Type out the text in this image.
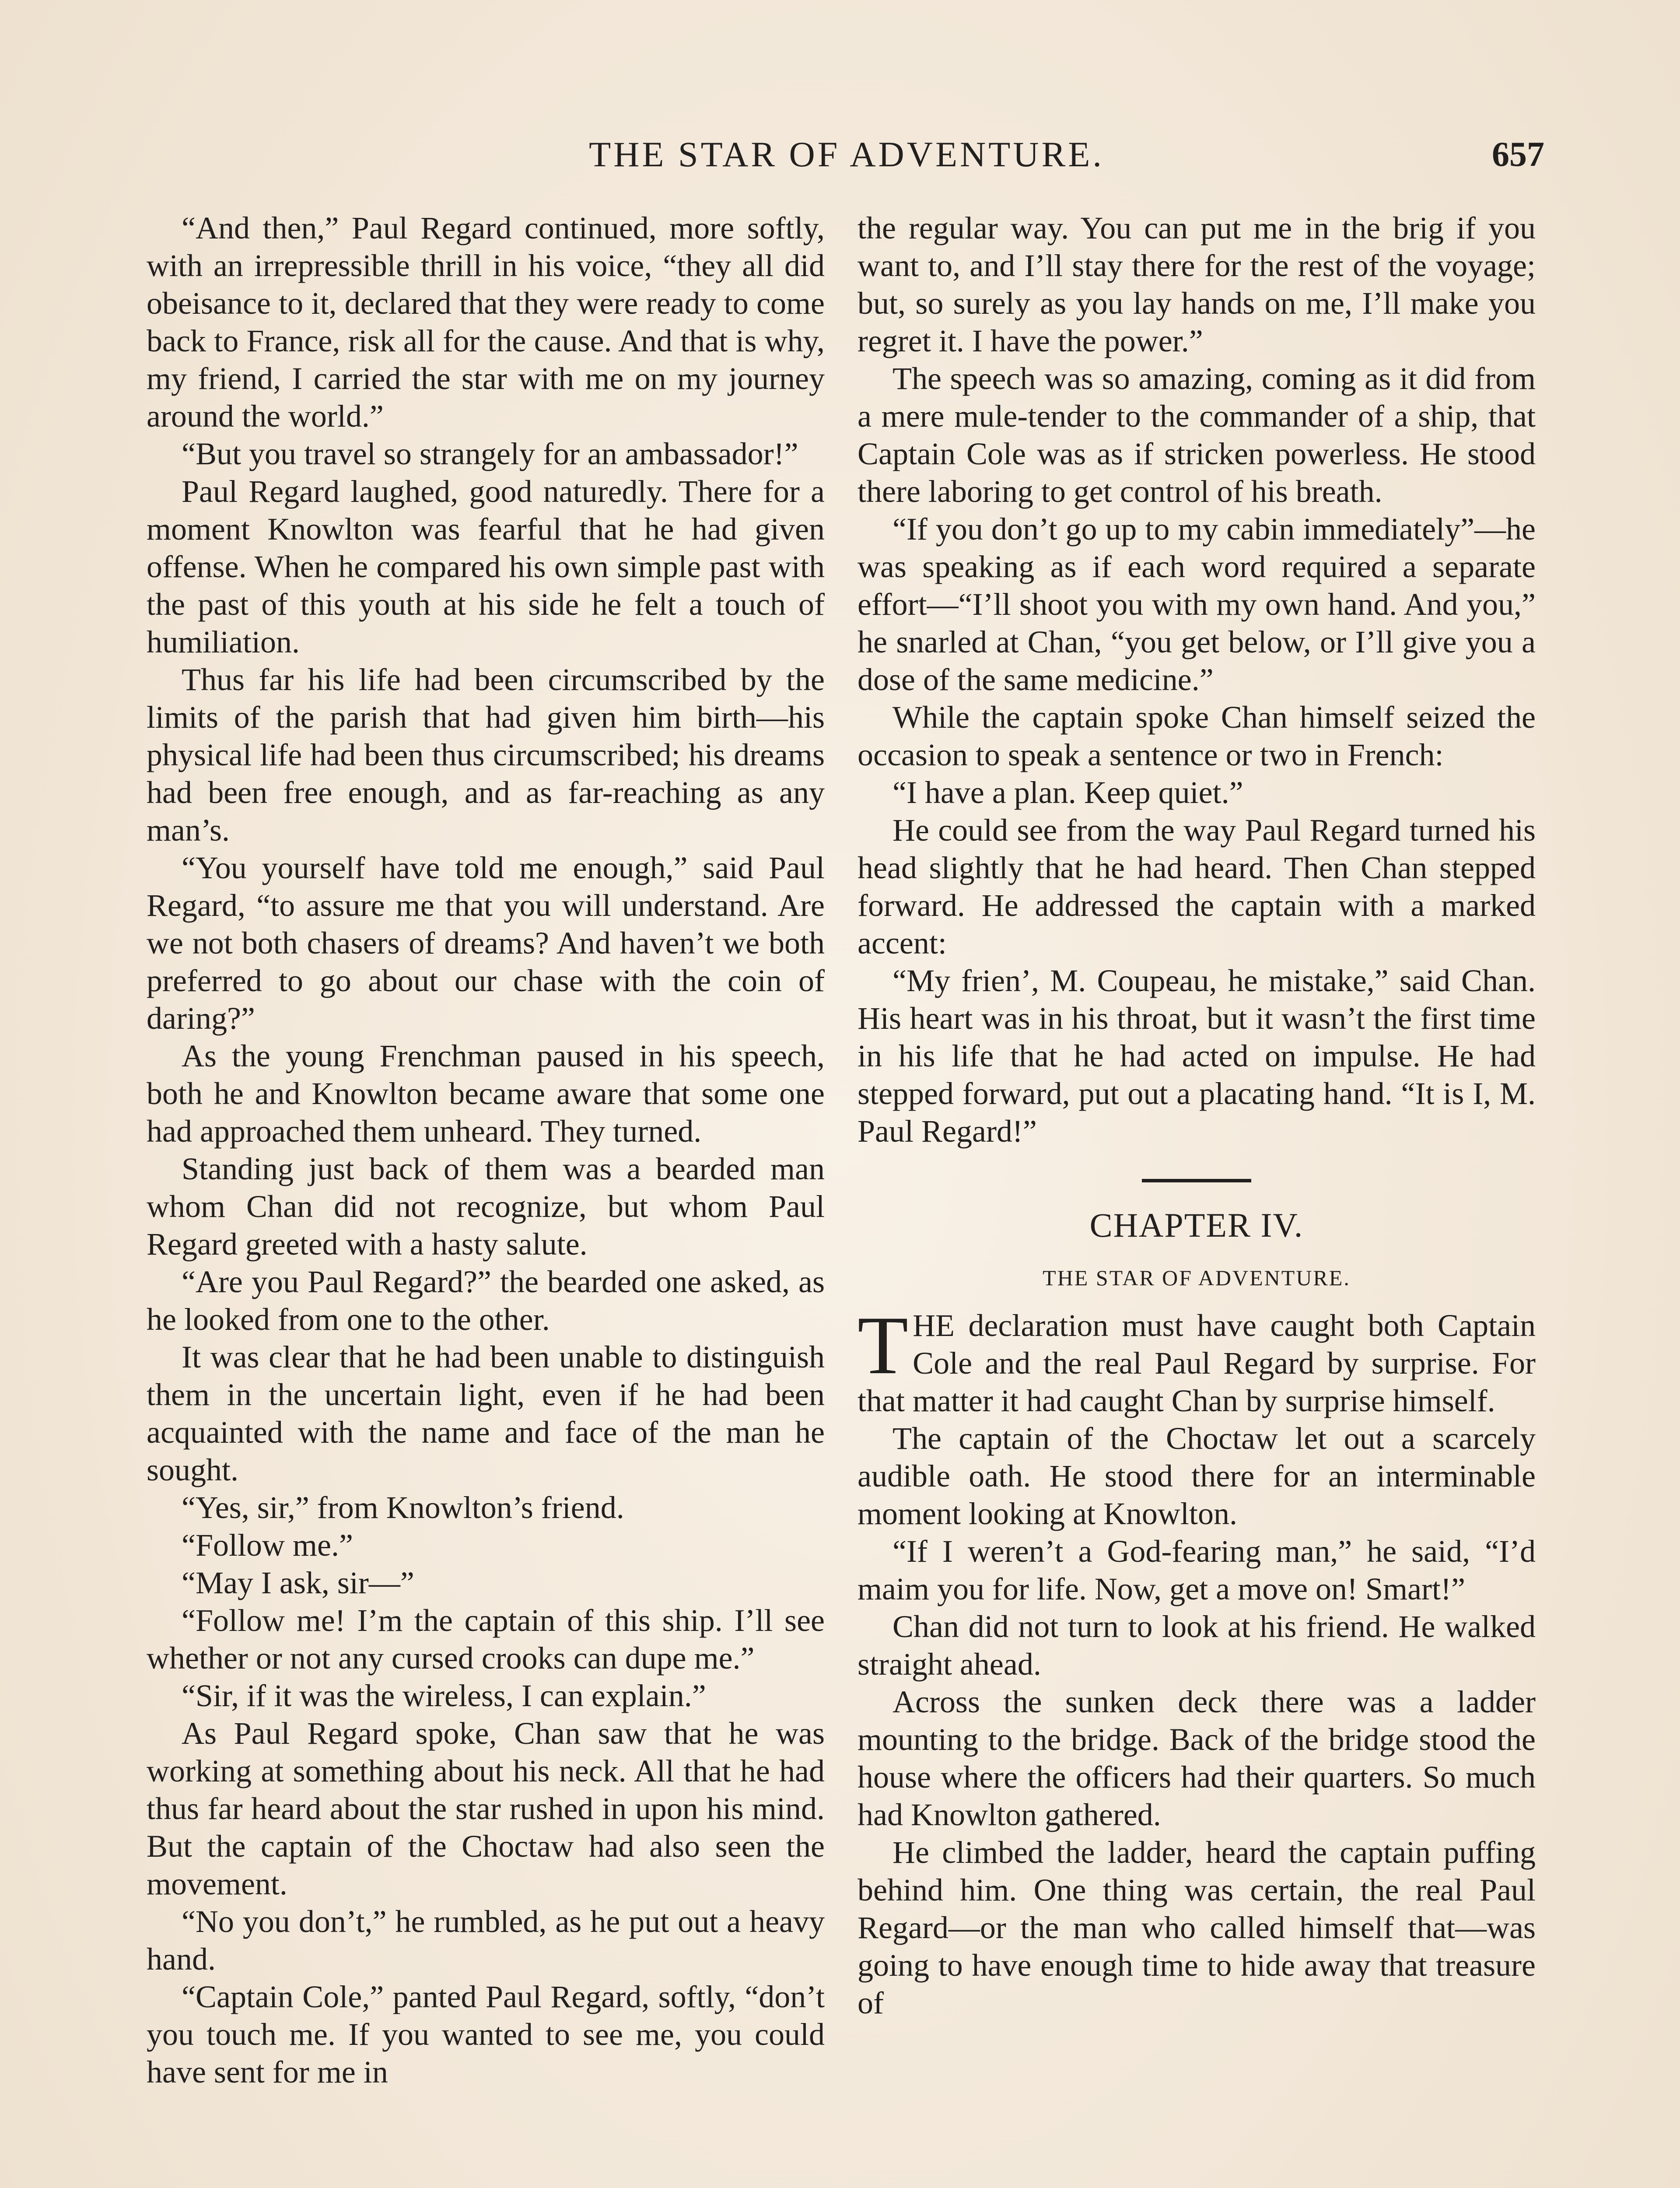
THE STAR OF ADVENTURE.	657

“And then,” Paul Regard continued, more softly, with an irrepressible thrill in his voice, “they all did obeisance to it, declared that they were ready to come back to France, risk all for the cause. And that is why, my friend, I carried the star with me on my journey around the world.”

“But you travel so strangely for an ambassador!”

Paul Regard laughed, good naturedly. There for a moment Knowlton was fearful that he had given offense. When he compared his own simple past with the past of this youth at his side he felt a touch of humiliation.

Thus far his life had been circumscribed by the limits of the parish that had given him birth—his physical life had been thus circumscribed; his dreams had been free enough, and as far-reaching as any man’s.

“You yourself have told me enough,” said Paul Regard, “to assure me that you will understand. Are we not both chasers of dreams? And haven’t we both preferred to go about our chase with the coin of daring?”

As the young Frenchman paused in his speech, both he and Knowlton became aware that some one had approached them unheard. They turned.

Standing just back of them was a bearded man whom Chan did not recognize, but whom Paul Regard greeted with a hasty salute.

“Are you Paul Regard?” the bearded one asked, as he looked from one to the other.

It was clear that he had been unable to distinguish them in the uncertain light, even if he had been acquainted with the name and face of the man he sought.

“Yes, sir,” from Knowlton’s friend.

“Follow me.”

“May I ask, sir—”

“Follow me! I’m the captain of this ship. I’ll see whether or not any cursed crooks can dupe me.”

“Sir, if it was the wireless, I can explain.”

As Paul Regard spoke, Chan saw that he was working at something about his neck. All that he had thus far heard about the star rushed in upon his mind. But the captain of the Choctaw had also seen the movement.

“No you don’t,” he rumbled, as he put out a heavy hand.

“Captain Cole,” panted Paul Regard, softly, “don’t you touch me. If you wanted to see me, you could have sent for me in

the regular way. You can put me in the brig if you want to, and I’ll stay there for the rest of the voyage; but, so surely as you lay hands on me, I’ll make you regret it. I have the power.”

The speech was so amazing, coming as it did from a mere mule-tender to the commander of a ship, that Captain Cole was as if stricken powerless. He stood there laboring to get control of his breath.

“If you don’t go up to my cabin immediately”—he was speaking as if each word required a separate effort—“I’ll shoot you with my own hand. And you,” he snarled at Chan, “you get below, or I’ll give you a dose of the same medicine.”

While the captain spoke Chan himself seized the occasion to speak a sentence or two in French:

“I have a plan. Keep quiet.”

He could see from the way Paul Regard turned his head slightly that he had heard. Then Chan stepped forward. He addressed the captain with a marked accent:

“My frien’, M. Coupeau, he mistake,” said Chan. His heart was in his throat, but it wasn’t the first time in his life that he had acted on impulse. He had stepped forward, put out a placating hand. “It is I, M. Paul Regard!”

CHAPTER IV.
THE STAR OF ADVENTURE.

THE declaration must have caught both Captain Cole and the real Paul Regard by surprise. For that matter it had caught Chan by surprise himself.

The captain of the Choctaw let out a scarcely audible oath. He stood there for an interminable moment looking at Knowlton.

“If I weren’t a God-fearing man,” he said, “I’d maim you for life. Now, get a move on! Smart!”

Chan did not turn to look at his friend. He walked straight ahead.

Across the sunken deck there was a ladder mounting to the bridge. Back of the bridge stood the house where the officers had their quarters. So much had Knowlton gathered.

He climbed the ladder, heard the captain puffing behind him. One thing was certain, the real Paul Regard—or the man who called himself that—was going to have enough time to hide away that treasure of
